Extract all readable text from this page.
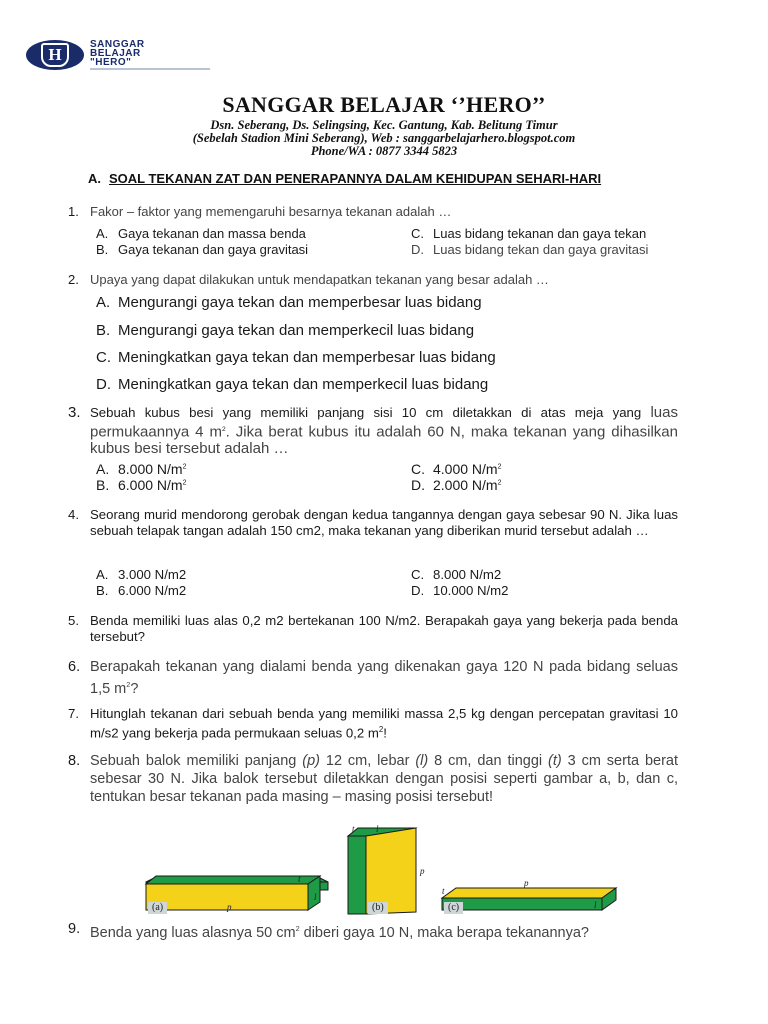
H
SANGGAR
BELAJAR
"HERO"
SANGGAR BELAJAR ‘’HERO’’
Dsn. Seberang, Ds. Selingsing, Kec. Gantung, Kab. Belitung Timur
(Sebelah Stadion Mini Seberang), Web : sanggarbelajarhero.blogspot.com
Phone/WA : 0877 3344 5823
A. SOAL TEKANAN ZAT DAN PENERAPANNYA DALAM KEHIDUPAN SEHARI-HARI
1. Fakor – faktor yang memengaruhi besarnya tekanan adalah …
A. Gaya tekanan dan massa benda
B. Gaya tekanan dan gaya gravitasi
C. Luas bidang tekanan dan gaya tekan
D. Luas bidang tekan dan gaya gravitasi
2. Upaya yang dapat dilakukan untuk mendapatkan tekanan yang besar adalah …
A. Mengurangi gaya tekan dan memperbesar luas bidang
B. Mengurangi gaya tekan dan memperkecil luas bidang
C. Meningkatkan gaya tekan dan memperbesar luas bidang
D. Meningkatkan gaya tekan dan memperkecil luas bidang
3. Sebuah kubus besi yang memiliki panjang sisi 10 cm diletakkan di atas meja yang luas permukaannya 4 $m^2$. Jika berat kubus itu adalah 60 N, maka tekanan yang dihasilkan kubus besi tersebut adalah …
A. 8.000 $N/m^2$
B. 6.000 $N/m^2$
C. 4.000 $N/m^2$
D. 2.000 $N/m^2$
4. Seorang murid mendorong gerobak dengan kedua tangannya dengan gaya sebesar 90 N. Jika luas sebuah telapak tangan adalah 150 cm2, maka tekanan yang diberikan murid tersebut adalah …
A. 3.000 N/m2
B. 6.000 N/m2
C. 8.000 N/m2
D. 10.000 N/m2
5. Benda memiliki luas alas 0,2 m2 bertekanan 100 N/m2. Berapakah gaya yang bekerja pada benda tersebut?
6. Berapakah tekanan yang dialami benda yang dikenakan gaya 120 N pada bidang seluas 1,5 $m^2$?
7. Hitunglah tekanan dari sebuah benda yang memiliki massa 2,5 kg dengan percepatan gravitasi 10 m/s2 yang bekerja pada permukaan seluas 0,2 $m^2$!
8. Sebuah balok memiliki panjang (p) 12 cm, lebar (l) 8 cm, dan tinggi (t) 3 cm serta berat sebesar 30 N. Jika balok tersebut diletakkan dengan posisi seperti gambar a, b, dan c, tentukan besar tekanan pada masing – masing posisi tersebut!
(a)	(b)	(c)
p
t
l
t l
p
p
t
l
9. Benda yang luas alasnya 50 $cm^2$ diberi gaya 10 N, maka berapa tekanannya?
